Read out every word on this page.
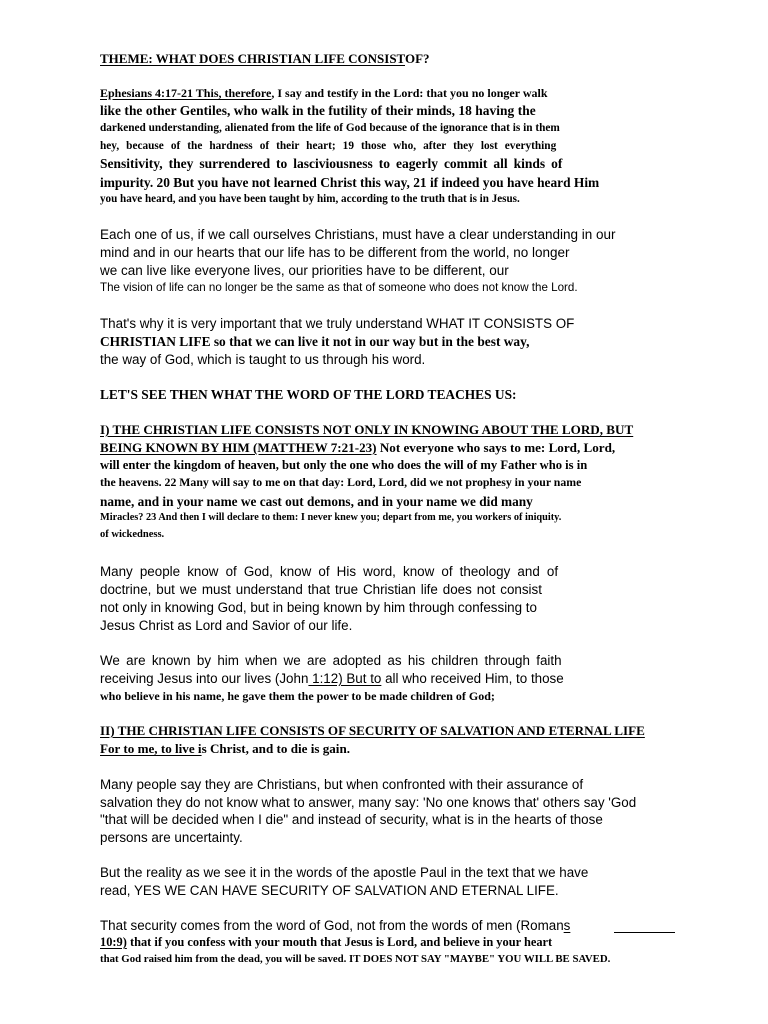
THEME: WHAT DOES CHRISTIAN LIFE CONSISTOF?
Ephesians 4:17-21 This, therefore, I say and testify in the Lord: that you no longer walk
like the other Gentiles, who walk in the futility of their minds, 18 having the
darkened understanding, alienated from the life of God because of the ignorance that is in them
hey, because of the hardness of their heart; 19 those who, after they lost everything
Sensitivity, they surrendered to lasciviousness to eagerly commit all kinds of
impurity. 20 But you have not learned Christ this way, 21 if indeed you have heard Him
you have heard, and you have been taught by him, according to the truth that is in Jesus.
Each one of us, if we call ourselves Christians, must have a clear understanding in our
mind and in our hearts that our life has to be different from the world, no longer
we can live like everyone lives, our priorities have to be different, our
The vision of life can no longer be the same as that of someone who does not know the Lord.
That's why it is very important that we truly understand WHAT IT CONSISTS OF
CHRISTIAN LIFE so that we can live it not in our way but in the best way,
the way of God, which is taught to us through his word.
LET'S SEE THEN WHAT THE WORD OF THE LORD TEACHES US:
I) THE CHRISTIAN LIFE CONSISTS NOT ONLY IN KNOWING ABOUT THE LORD, BUT
BEING KNOWN BY HIM (MATTHEW 7:21-23) Not everyone who says to me: Lord, Lord,
will enter the kingdom of heaven, but only the one who does the will of my Father who is in
the heavens. 22 Many will say to me on that day: Lord, Lord, did we not prophesy in your name
name, and in your name we cast out demons, and in your name we did many
Miracles? 23 And then I will declare to them: I never knew you; depart from me, you workers of iniquity.
of wickedness.
Many people know of God, know of His word, know of theology and of
doctrine, but we must understand that true Christian life does not consist
not only in knowing God, but in being known by him through confessing to
Jesus Christ as Lord and Savior of our life.
We are known by him when we are adopted as his children through faith
receiving Jesus into our lives (John 1:12) But to all who received Him, to those
who believe in his name, he gave them the power to be made children of God;
II) THE CHRISTIAN LIFE CONSISTS OF SECURITY OF SALVATION AND ETERNAL LIFE
For to me, to live is Christ, and to die is gain.
Many people say they are Christians, but when confronted with their assurance of
salvation they do not know what to answer, many say: 'No one knows that' others say 'God
"that will be decided when I die" and instead of security, what is in the hearts of those
persons are uncertainty.
But the reality as we see it in the words of the apostle Paul in the text that we have
read, YES WE CAN HAVE SECURITY OF SALVATION AND ETERNAL LIFE.
That security comes from the word of God, not from the words of men (Romans
10:9) that if you confess with your mouth that Jesus is Lord, and believe in your heart
that God raised him from the dead, you will be saved. IT DOES NOT SAY "MAYBE" YOU WILL BE SAVED.
